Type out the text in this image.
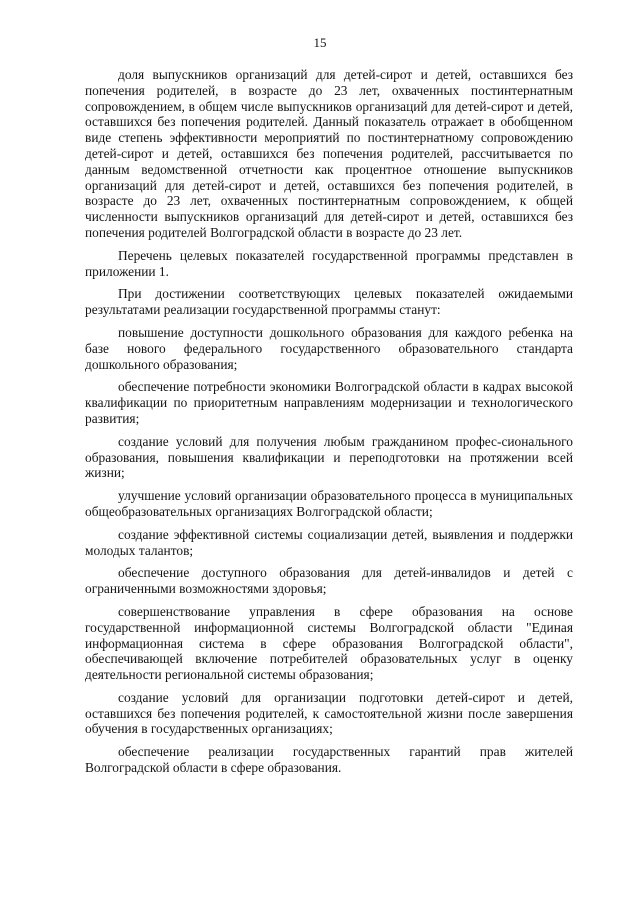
15

доля выпускников организаций для детей-сирот и детей, оставшихся без попечения родителей, в возрасте до 23 лет, охваченных постинтернатным сопровождением, в общем числе выпускников организаций для детей-сирот и детей, оставшихся без попечения родителей. Данный показатель отражает в обобщенном виде степень эффективности мероприятий по постинтернатному сопровождению детей-сирот и детей, оставшихся без попечения родителей, рассчитывается по данным ведомственной отчетности как процентное отношение выпускников организаций для детей-сирот и детей, оставшихся без попечения родителей, в возрасте до 23 лет, охваченных постинтернатным сопровождением, к общей численности выпускников организаций для детей-сирот и детей, оставшихся без попечения родителей Волгоградской области в возрасте до 23 лет.

Перечень целевых показателей государственной программы представлен в приложении 1.

При достижении соответствующих целевых показателей ожидаемыми результатами реализации государственной программы станут:

повышение доступности дошкольного образования для каждого ребенка на базе нового федерального государственного образовательного стандарта дошкольного образования;

обеспечение потребности экономики Волгоградской области в кадрах высокой квалификации по приоритетным направлениям модернизации и технологического развития;

создание условий для получения любым гражданином профес-сионального образования, повышения квалификации и переподготовки на протяжении всей жизни;

улучшение условий организации образовательного процесса в муниципальных общеобразовательных организациях Волгоградской области;

создание эффективной системы социализации детей, выявления и поддержки молодых талантов;

обеспечение доступного образования для детей-инвалидов и детей с ограниченными возможностями здоровья;

совершенствование управления в сфере образования на основе государственной информационной системы Волгоградской области "Единая информационная система в сфере образования Волгоградской области", обеспечивающей включение потребителей образовательных услуг в оценку деятельности региональной системы образования;

создание условий для организации подготовки детей-сирот и детей, оставшихся без попечения родителей, к самостоятельной жизни после завершения обучения в государственных организациях;

обеспечение реализации государственных гарантий прав жителей Волгоградской области в сфере образования.
